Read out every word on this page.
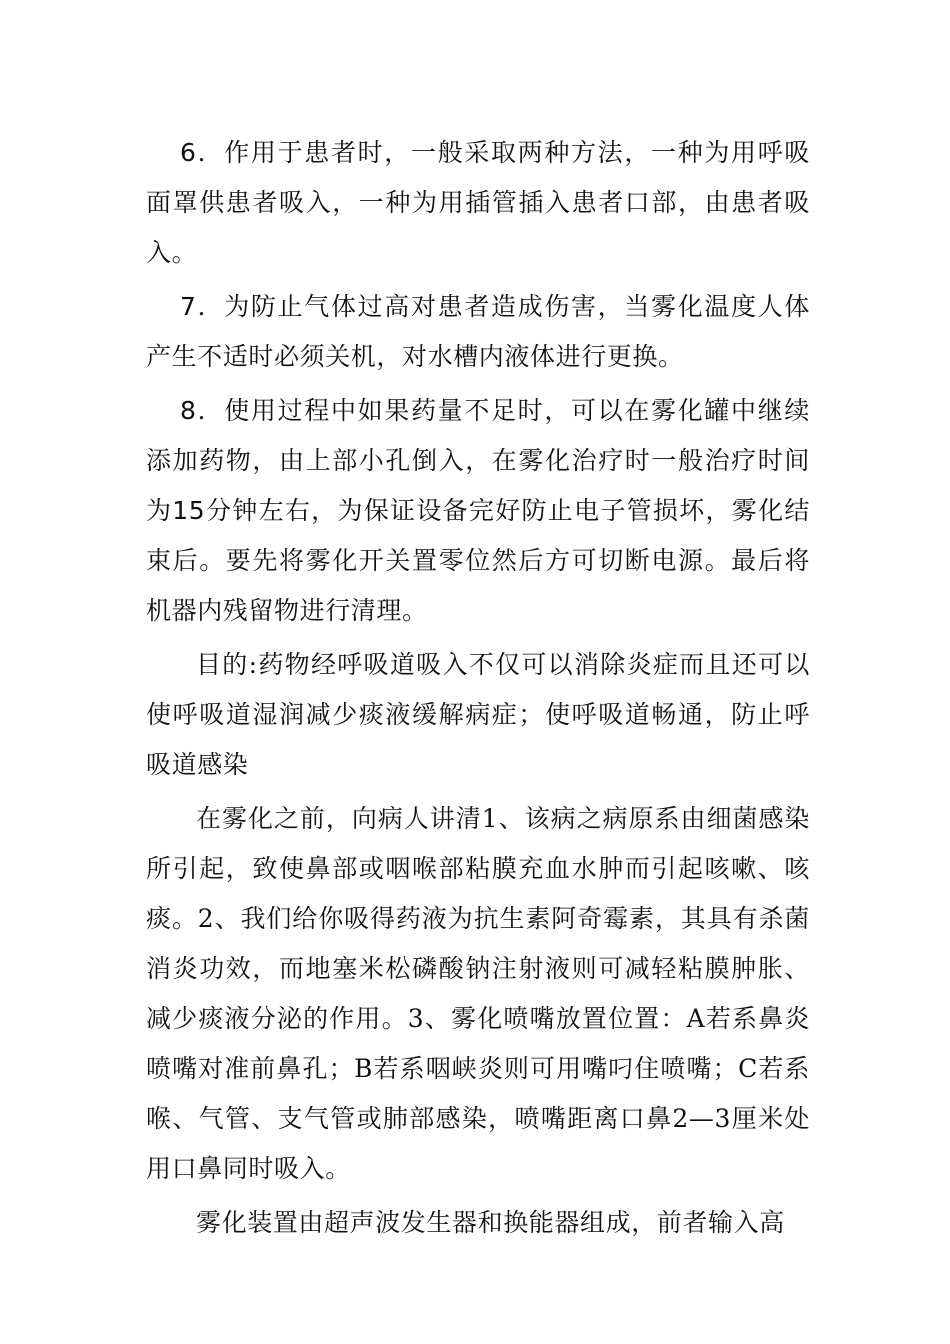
6．作用于患者时，一般采取两种方法，一种为用呼吸面罩供患者吸入，一种为用插管插入患者口部，由患者吸入。

7．为防止气体过高对患者造成伤害，当雾化温度人体产生不适时必须关机，对水槽内液体进行更换。

8．使用过程中如果药量不足时，可以在雾化罐中继续添加药物，由上部小孔倒入，在雾化治疗时一般治疗时间为15分钟左右，为保证设备完好防止电子管损坏，雾化结束后。要先将雾化开关置零位然后方可切断电源。最后将机器内残留物进行清理。

目的:药物经呼吸道吸入不仅可以消除炎症而且还可以使呼吸道湿润减少痰液缓解病症；使呼吸道畅通，防止呼吸道感染

在雾化之前，向病人讲清1、该病之病原系由细菌感染所引起，致使鼻部或咽喉部粘膜充血水肿而引起咳嗽、咳痰。2、我们给你吸得药液为抗生素阿奇霉素，其具有杀菌消炎功效，而地塞米松磷酸钠注射液则可减轻粘膜肿胀、减少痰液分泌的作用。3、雾化喷嘴放置位置：A若系鼻炎喷嘴对准前鼻孔；B若系咽峡炎则可用嘴叼住喷嘴；C若系喉、气管、支气管或肺部感染，喷嘴距离口鼻2—3厘米处用口鼻同时吸入。

雾化装置由超声波发生器和换能器组成，前者输入高
